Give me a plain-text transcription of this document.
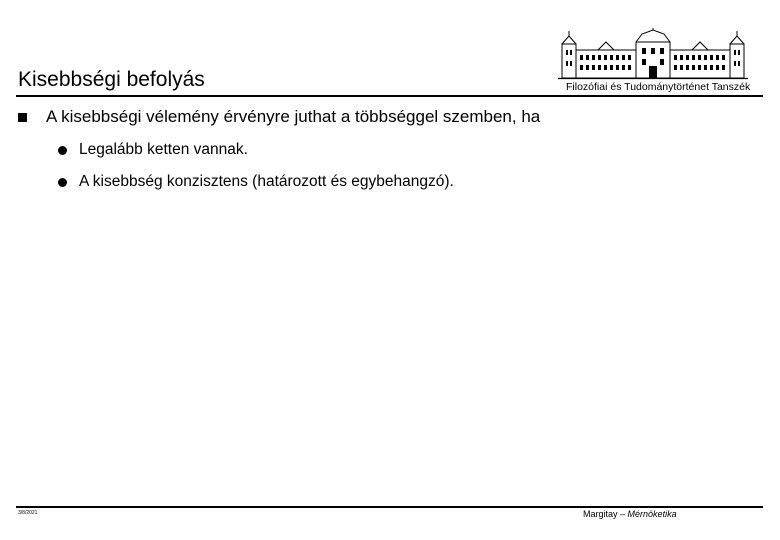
Filozófiai és Tudománytörténet Tanszék
Kisebbségi befolyás
A kisebbségi vélemény érvényre juthat a többséggel szemben, ha
Legalább ketten vannak.
A kisebbség konzisztens (határozott és egybehangzó).
3/8/2021	Margitay – Mérnöketika
